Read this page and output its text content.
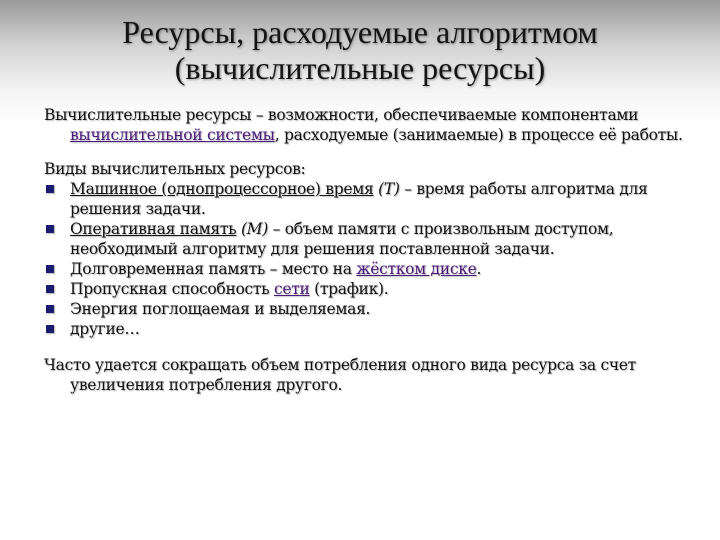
Ресурсы, расходуемые алгоритмом
(вычислительные ресурсы)

Вычислительные ресурсы – возможности, обеспечиваемые компонентами вычислительной системы, расходуемые (занимаемые) в процессе её работы.

Виды вычислительных ресурсов:

Машинное (однопроцессорное) время (T) – время работы алгоритма для решения задачи.
Оперативная память (M) – объем памяти с произвольным доступом, необходимый алгоритму для решения поставленной задачи.
Долговременная память – место на жёстком диске.
Пропускная способность сети (трафик).
Энергия поглощаемая и выделяемая.
другие…

Часто удается сокращать объем потребления одного вида ресурса за счет увеличения потребления другого.
